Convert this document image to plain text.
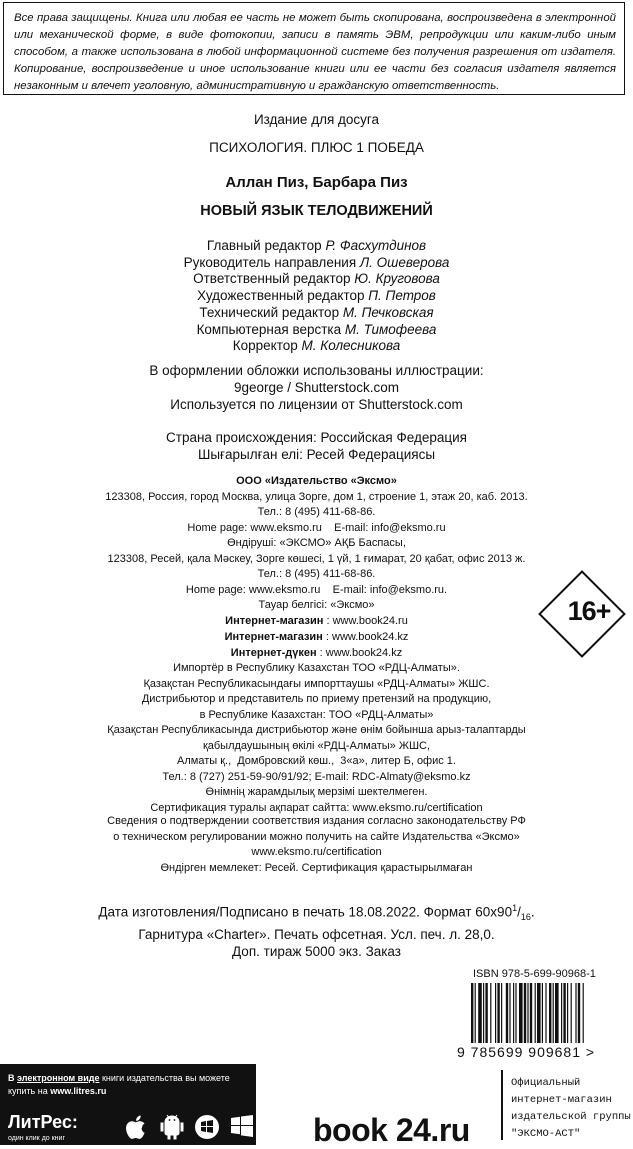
Все права защищены. Книга или любая ее часть не может быть скопирована, воспроизведена в электронной или механической форме, в виде фотокопии, записи в память ЭВМ, репродукции или каким-либо иным способом, а также использована в любой информационной системе без получения разрешения от издателя. Копирование, воспроизведение и иное использование книги или ее части без согласия издателя является незаконным и влечет уголовную, административную и гражданскую ответственность.
Издание для досуга
ПСИХОЛОГИЯ. ПЛЮС 1 ПОБЕДА
Аллан Пиз, Барбара Пиз
НОВЫЙ ЯЗЫК ТЕЛОДВИЖЕНИЙ
Главный редактор Р. Фасхутдинов
Руководитель направления Л. Ошеверова
Ответственный редактор Ю. Круговова
Художественный редактор П. Петров
Технический редактор М. Печковская
Компьютерная верстка М. Тимофеева
Корректор М. Колесникова
В оформлении обложки использованы иллюстрации:
9george / Shutterstock.com
Используется по лицензии от Shutterstock.com
Страна происхождения: Российская Федерация
Шығарылған елі: Ресей Федерациясы
ООО «Издательство «Эксмо»
123308, Россия, город Москва, улица Зорге, дом 1, строение 1, этаж 20, каб. 2013.
Тел.: 8 (495) 411-68-86.
Home page: www.eksmo.ru    E-mail: info@eksmo.ru
Өндіруші: «ЭКСМО» АҚБ Баспасы,
123308, Ресей, қала Мәскеу, Зорге көшесі, 1 үй, 1 ғимарат, 20 қабат, офис 2013 ж.
Тел.: 8 (495) 411-68-86.
Home page: www.eksmo.ru    E-mail: info@eksmo.ru.
Тауар белгісі: «Эксмо»
Интернет-магазин : www.book24.ru
Интернет-магазин : www.book24.kz
Интернет-дүкен : www.book24.kz
Импортёр в Республику Казахстан ТОО «РДЦ-Алматы».
Қазақстан Республикасындағы импорттаушы «РДЦ-Алматы» ЖШС.
Дистрибьютор и представитель по приему претензий на продукцию,
в Республике Казахстан: ТОО «РДЦ-Алматы»
Қазақстан Республикасында дистрибьютор және өнім бойынша арыз-талаптарды
қабылдаушының өкілі «РДЦ-Алматы» ЖШС,
Алматы қ.,  Домбровский көш.,  3«а», литер Б, офис 1.
Тел.: 8 (727) 251-59-90/91/92; E-mail: RDC-Almaty@eksmo.kz
Өнімнің жарамдылық мерзімі шектелмеген.
Сертификация туралы ақпарат сайтта: www.eksmo.ru/certification
Сведения о подтверждении соответствия издания согласно законодательству РФ
о техническом регулировании можно получить на сайте Издательства «Эксмо»
www.eksmo.ru/certification
Өндірген мемлекет: Ресей. Сертификация қарастырылмаған
Дата изготовления/Подписано в печать 18.08.2022. Формат $60х90^1/_{16}$.
Гарнитура «Charter». Печать офсетная. Усл. печ. л. 28,0.
Доп. тираж 5000 экз. Заказ
16+
ISBN 978-5-699-90968-1
9 785699 909681 >
В электронном виде книги издательства вы можете купить на www.litres.ru
ЛитРес:
один клик до книг	book 24.ru
Официальный
интернет-магазин
издательской группы
"ЭКСМО-АСТ"
